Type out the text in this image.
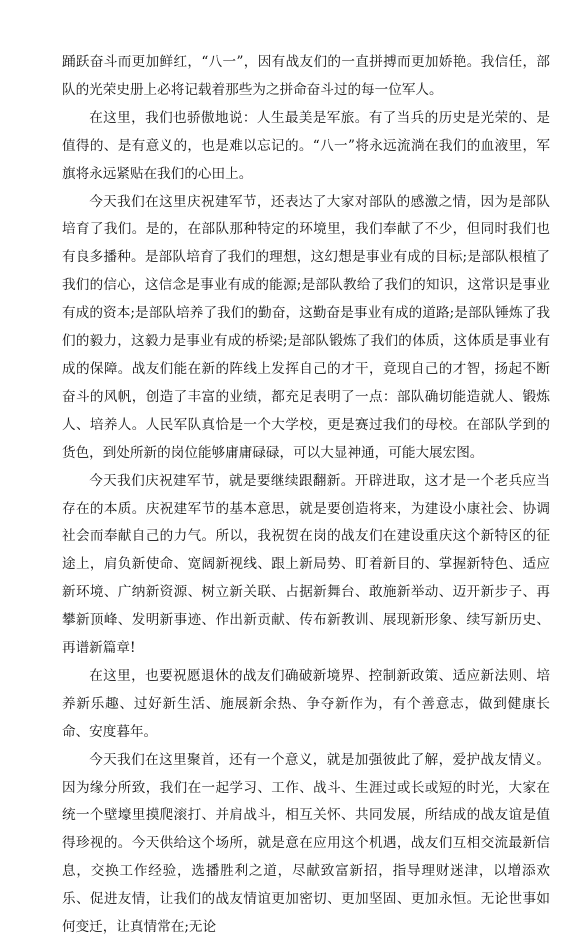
踊跃奋斗而更加鲜红，“八一”，因有战友们的一直拼搏而更加娇艳。我信任，部队的光荣史册上必将记载着那些为之拼命奋斗过的每一位军人。

在这里，我们也骄傲地说：人生最美是军旅。有了当兵的历史是光荣的、是值得的、是有意义的，也是难以忘记的。“八一”将永远流淌在我们的血液里，军旗将永远紧贴在我们的心田上。

今天我们在这里庆祝建军节，还表达了大家对部队的感激之情，因为是部队培育了我们。是的，在部队那种特定的环境里，我们奉献了不少，但同时我们也有良多播种。是部队培育了我们的理想，这幻想是事业有成的目标;是部队根植了我们的信心，这信念是事业有成的能源;是部队教给了我们的知识，这常识是事业有成的资本;是部队培养了我们的勤奋，这勤奋是事业有成的道路;是部队锤炼了我们的毅力，这毅力是事业有成的桥梁;是部队锻炼了我们的体质，这体质是事业有成的保障。战友们能在新的阵线上发挥自己的才干，竟现自己的才智，扬起不断奋斗的风帆，创造了丰富的业绩，都充足表明了一点：部队确切能造就人、锻炼人、培养人。人民军队真恰是一个大学校，更是赛过我们的母校。在部队学到的货色，到处所新的岗位能够庸庸碌碌，可以大显神通，可能大展宏图。

今天我们庆祝建军节，就是要继续跟翻新。开辟进取，这才是一个老兵应当存在的本质。庆祝建军节的基本意思，就是要创造将来，为建设小康社会、协调社会而奉献自己的力气。所以，我祝贺在岗的战友们在建设重庆这个新特区的征途上，肩负新使命、宽阔新视线、跟上新局势、盯着新目的、掌握新特色、适应新环境、广纳新资源、树立新关联、占据新舞台、敢施新举动、迈开新步子、再攀新顶峰、发明新事迹、作出新贡献、传布新教训、展现新形象、续写新历史、再谱新篇章!

在这里，也要祝愿退休的战友们确破新境界、控制新政策、适应新法则、培养新乐趣、过好新生活、施展新余热、争夺新作为，有个善意志，做到健康长命、安度暮年。

今天我们在这里聚首，还有一个意义，就是加强彼此了解，爱护战友情义。因为缘分所致，我们在一起学习、工作、战斗、生涯过或长或短的时光，大家在统一个壁壕里摸爬滚打、并肩战斗，相互关怀、共同发展，所结成的战友谊是值得珍视的。今天供给这个场所，就是意在应用这个机遇，战友们互相交流最新信息，交换工作经验，选播胜利之道，尽献致富新招，指导理财迷津，以增添欢乐、促进友情，让我们的战友情谊更加密切、更加坚固、更加永恒。无论世事如何变迁，让真情常在;无论
